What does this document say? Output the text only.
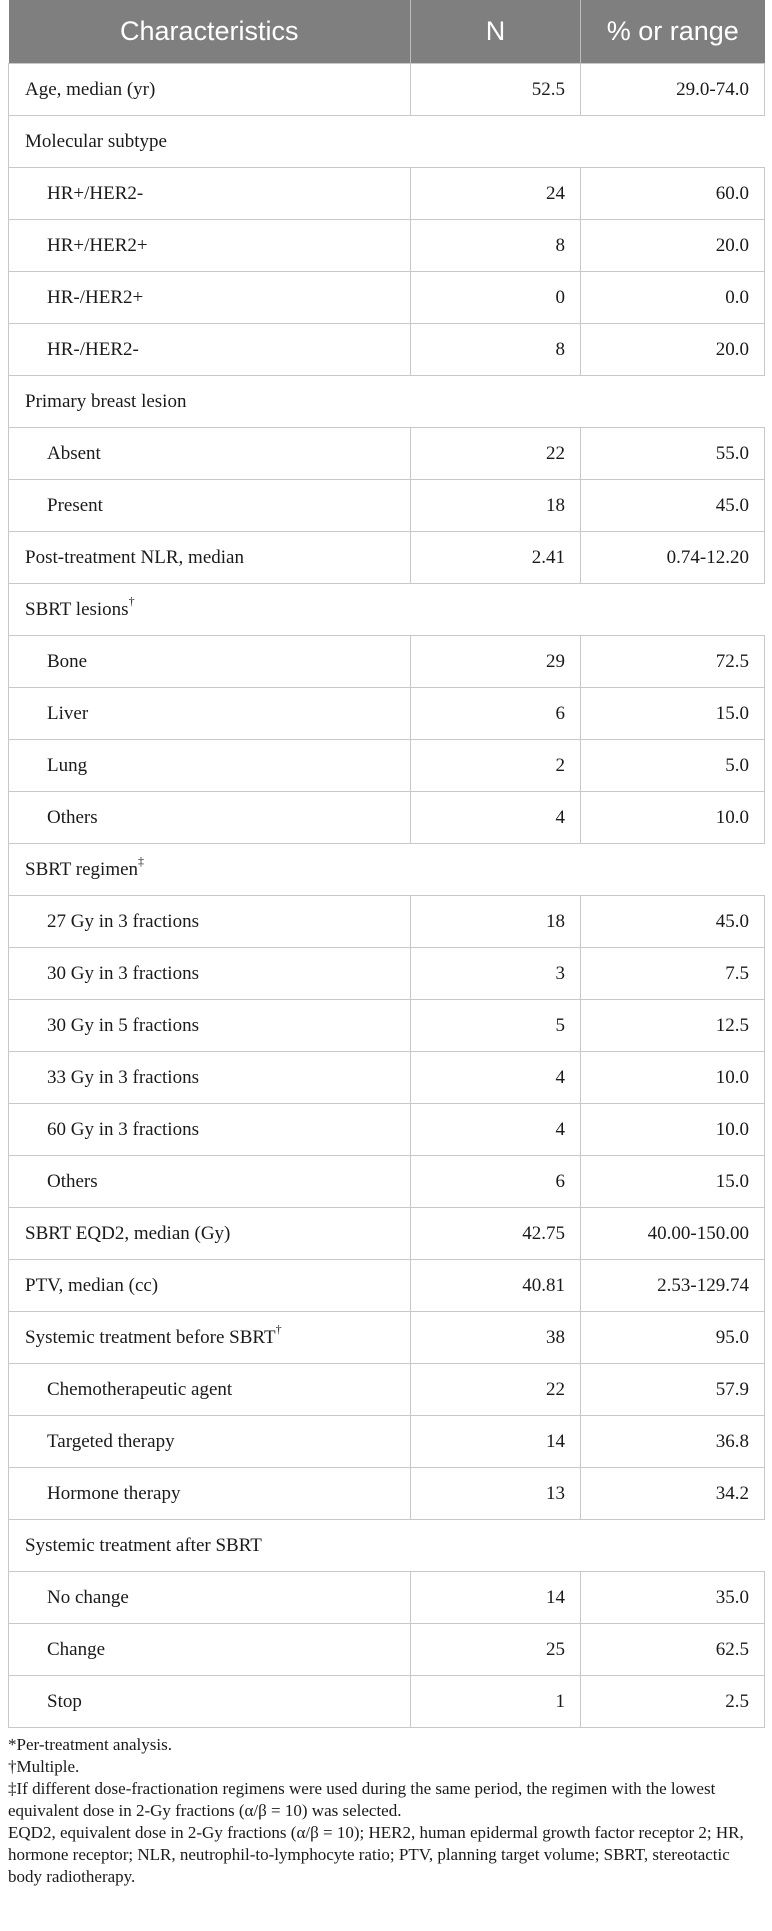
Characteristics	N	% or range
Age, median (yr)	52.5	29.0-74.0
Molecular subtype		
HR+/HER2-	24	60.0
HR+/HER2+	8	20.0
HR-/HER2+	0	0.0
HR-/HER2-	8	20.0
Primary breast lesion		
Absent	22	55.0
Present	18	45.0
Post-treatment NLR, median	2.41	0.74-12.20
SBRT lesions†		
Bone	29	72.5
Liver	6	15.0
Lung	2	5.0
Others	4	10.0
SBRT regimen‡		
27 Gy in 3 fractions	18	45.0
30 Gy in 3 fractions	3	7.5
30 Gy in 5 fractions	5	12.5
33 Gy in 3 fractions	4	10.0
60 Gy in 3 fractions	4	10.0
Others	6	15.0
SBRT EQD2, median (Gy)	42.75	40.00-150.00
PTV, median (cc)	40.81	2.53-129.74
Systemic treatment before SBRT†	38	95.0
Chemotherapeutic agent	22	57.9
Targeted therapy	14	36.8
Hormone therapy	13	34.2
Systemic treatment after SBRT		
No change	14	35.0
Change	25	62.5
Stop	1	2.5

*Per-treatment analysis.

†Multiple.

‡If different dose-fractionation regimens were used during the same period, the regimen with the lowest equivalent dose in 2-Gy fractions (α/β = 10) was selected.

EQD2, equivalent dose in 2-Gy fractions (α/β = 10); HER2, human epidermal growth factor receptor 2; HR, hormone receptor; NLR, neutrophil-to-lymphocyte ratio; PTV, planning target volume; SBRT, stereotactic body radiotherapy.
